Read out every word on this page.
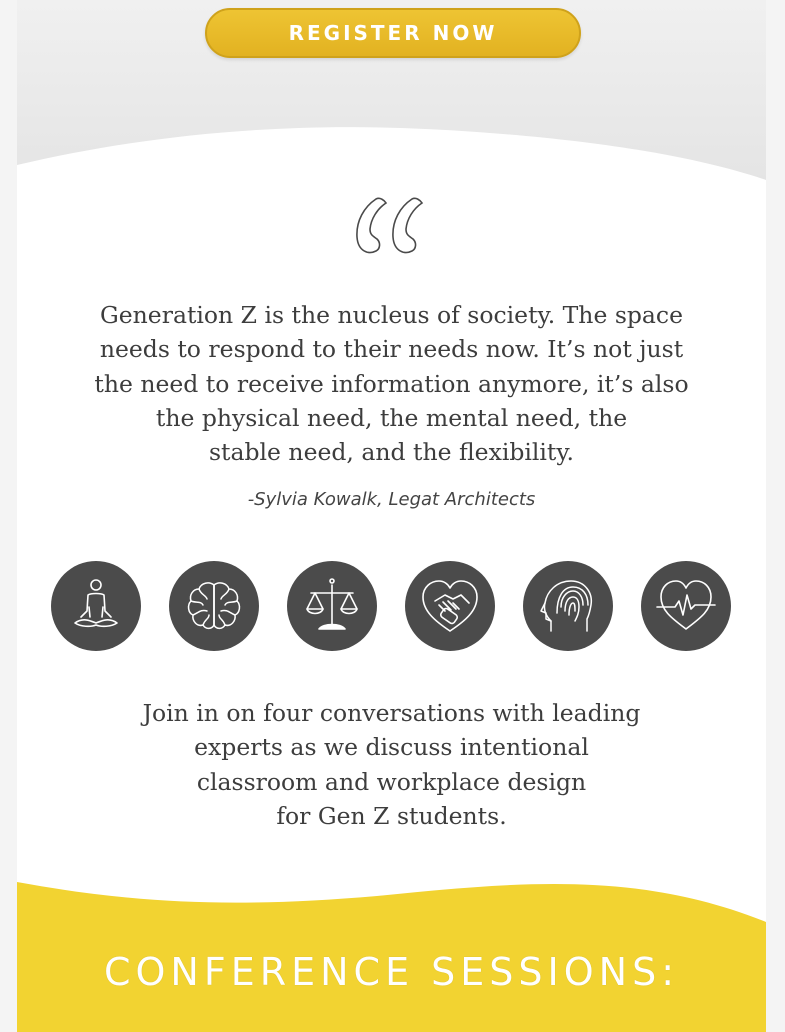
REGISTER NOW

Generation Z is the nucleus of society. The space
needs to respond to their needs now. It’s not just
the need to receive information anymore, it’s also
the physical need, the mental need, the
stable need, and the flexibility.

-Sylvia Kowalk, Legat Architects

Join in on four conversations with leading
experts as we discuss intentional
classroom and workplace design
for Gen Z students.

CONFERENCE SESSIONS:
